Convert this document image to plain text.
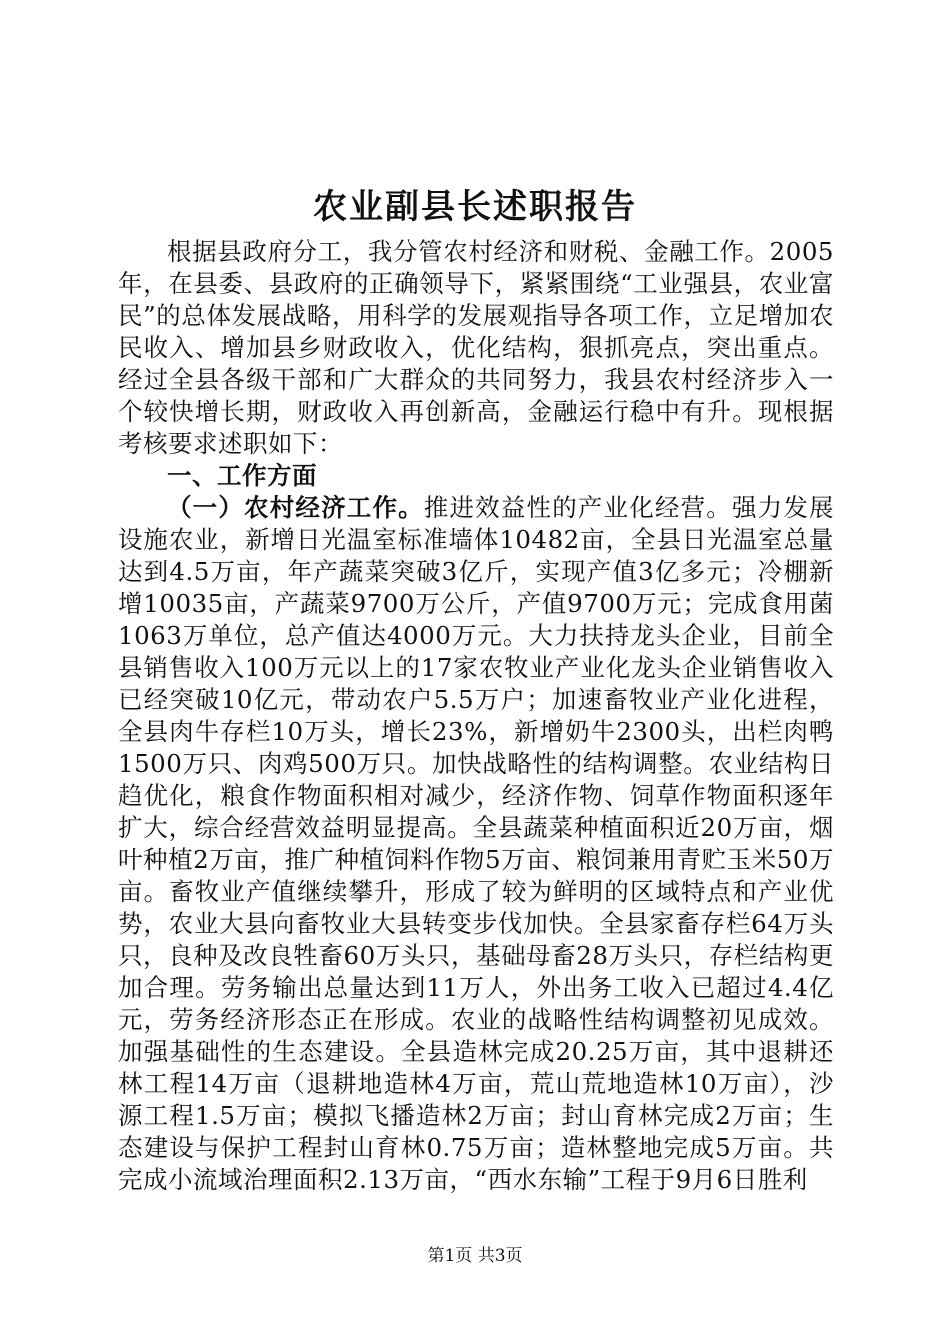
农业副县长述职报告

根据县政府分工，我分管农村经济和财税、金融工作。2005年，在县委、县政府的正确领导下，紧紧围绕“工业强县，农业富民”的总体发展战略，用科学的发展观指导各项工作，立足增加农民收入、增加县乡财政收入，优化结构，狠抓亮点，突出重点。经过全县各级干部和广大群众的共同努力，我县农村经济步入一个较快增长期，财政收入再创新高，金融运行稳中有升。现根据考核要求述职如下：

一、工作方面

（一）农村经济工作。推进效益性的产业化经营。强力发展设施农业，新增日光温室标准墙体10482亩，全县日光温室总量达到4.5万亩，年产蔬菜突破3亿斤，实现产值3亿多元；冷棚新增10035亩，产蔬菜9700万公斤，产值9700万元；完成食用菌1063万单位，总产值达4000万元。大力扶持龙头企业，目前全县销售收入100万元以上的17家农牧业产业化龙头企业销售收入已经突破10亿元，带动农户5.5万户；加速畜牧业产业化进程，全县肉牛存栏10万头，增长23%，新增奶牛2300头，出栏肉鸭1500万只、肉鸡500万只。加快战略性的结构调整。农业结构日趋优化，粮食作物面积相对减少，经济作物、饲草作物面积逐年扩大，综合经营效益明显提高。全县蔬菜种植面积近20万亩，烟叶种植2万亩，推广种植饲料作物5万亩、粮饲兼用青贮玉米50万亩。畜牧业产值继续攀升，形成了较为鲜明的区域特点和产业优势，农业大县向畜牧业大县转变步伐加快。全县家畜存栏64万头只，良种及改良牲畜60万头只，基础母畜28万头只，存栏结构更加合理。劳务输出总量达到11万人，外出务工收入已超过4.4亿元，劳务经济形态正在形成。农业的战略性结构调整初见成效。加强基础性的生态建设。全县造林完成20.25万亩，其中退耕还林工程14万亩（退耕地造林4万亩，荒山荒地造林10万亩），沙源工程1.5万亩；模拟飞播造林2万亩；封山育林完成2万亩；生态建设与保护工程封山育林0.75万亩；造林整地完成5万亩。共完成小流域治理面积2.13万亩，“西水东输”工程于9月6日胜利

第1页 共3页
